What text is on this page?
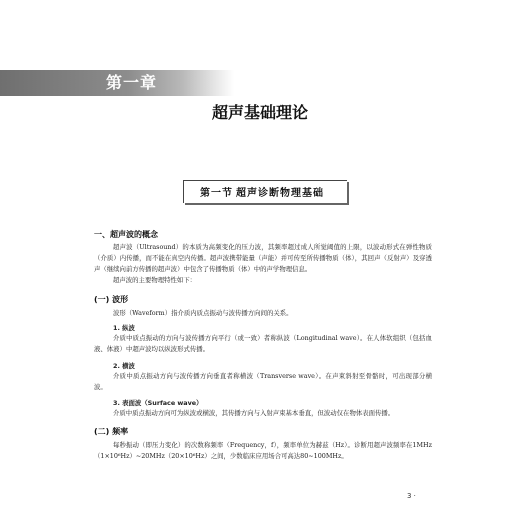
第一章
超声基础理论
第一节 超声诊断物理基础
一、超声波的概念

超声波（Ultrasound）的本质为高频变化的压力波，其频率超过成人所觉阈值的上限，以波动形式在弹性物质（介质）内传播，而不能在真空内传播。超声波携带能量（声能）并可传至所传播物质（体），其回声（反射声）及穿透声（继续向前方传播的超声波）中包含了传播物质（体）中的声学物理信息。

超声波的主要物理特性如下：

(一) 波形

波形（Waveform）指介质内质点振动与波传播方向间的关系。

1. 纵波

介质中质点振动的方向与波传播方向平行（或一致）者称纵波（Longitudinal wave）。在人体软组织（包括血液、体液）中超声波均以纵波形式传播。

2. 横波

介质中质点振动方向与波传播方向垂直者称横波（Transverse wave）。在声束斜射至骨骼时，可出现部分横波。

3. 表面波（Surface wave）

介质中质点振动方向可为纵波或横波，其传播方向与入射声束基本垂直，但波动仅在物体表面传播。

(二) 频率

每秒振动（即压力变化）的次数称频率（Frequency，f），频率单位为赫兹（Hz）。诊断用超声波频率在1MHz（1×10⁶Hz）~20MHz（20×10⁶Hz）之间，少数临床应用场合可高达80~100MHz。

3 ·
